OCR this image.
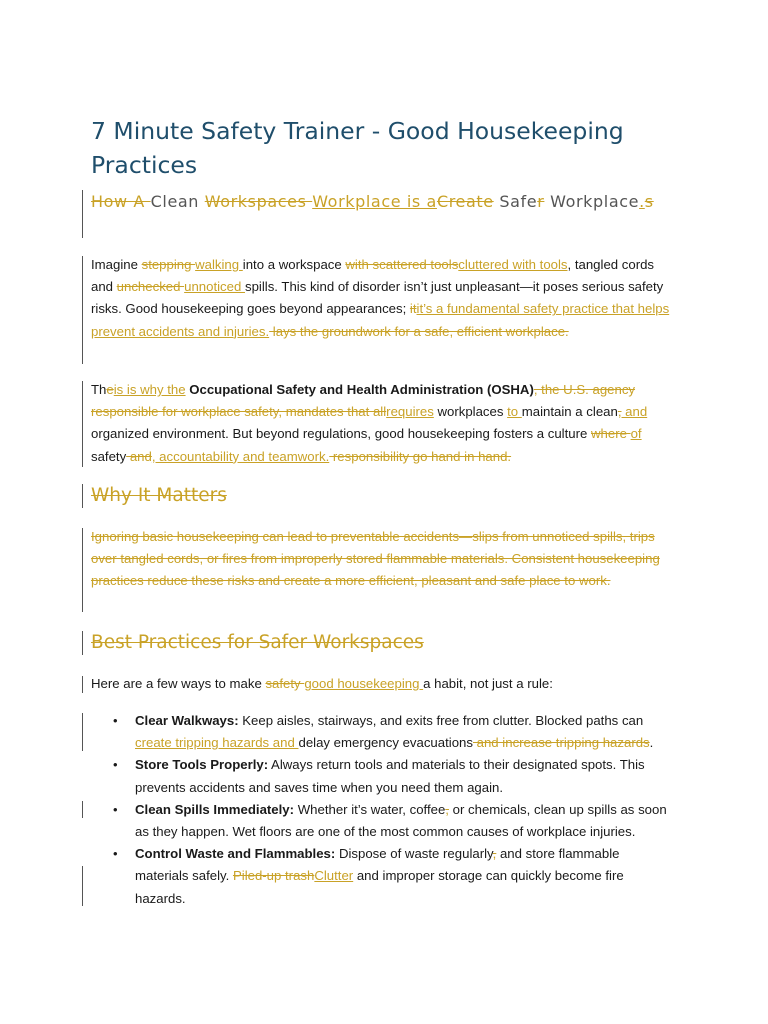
7 Minute Safety Trainer - Good Housekeeping Practices
How A Clean Workspaces Workplace is aCreate Safer Workplace.s
Imagine stepping walking into a workspace with scattered toolscluttered with tools, tangled cords and unchecked unnoticed spills. This kind of disorder isn’t just unpleasant—it poses serious safety risks. Good housekeeping goes beyond appearances; itit’s a fundamental safety practice that helps prevent accidents and injuries. lays the groundwork for a safe, efficient workplace.
Theis is why the Occupational Safety and Health Administration (OSHA), the U.S. agency responsible for workplace safety, mandates that allrequires workplaces to maintain a clean, and organized environment. But beyond regulations, good housekeeping fosters a culture where of safety and, accountability and teamwork. responsibility go hand in hand.
Why It Matters
Ignoring basic housekeeping can lead to preventable accidents—slips from unnoticed spills, trips over tangled cords, or fires from improperly stored flammable materials. Consistent housekeeping practices reduce these risks and create a more efficient, pleasant and safe place to work.
Best Practices for Safer Workspaces
Here are a few ways to make safety good housekeeping a habit, not just a rule:
• Clear Walkways: Keep aisles, stairways, and exits free from clutter. Blocked paths can create tripping hazards and delay emergency evacuations and increase tripping hazards.
• Store Tools Properly: Always return tools and materials to their designated spots. This prevents accidents and saves time when you need them again.
• Clean Spills Immediately: Whether it’s water, coffee, or chemicals, clean up spills as soon as they happen. Wet floors are one of the most common causes of workplace injuries.
• Control Waste and Flammables: Dispose of waste regularly, and store flammable materials safely. Piled-up trashClutter and improper storage can quickly become fire hazards.
